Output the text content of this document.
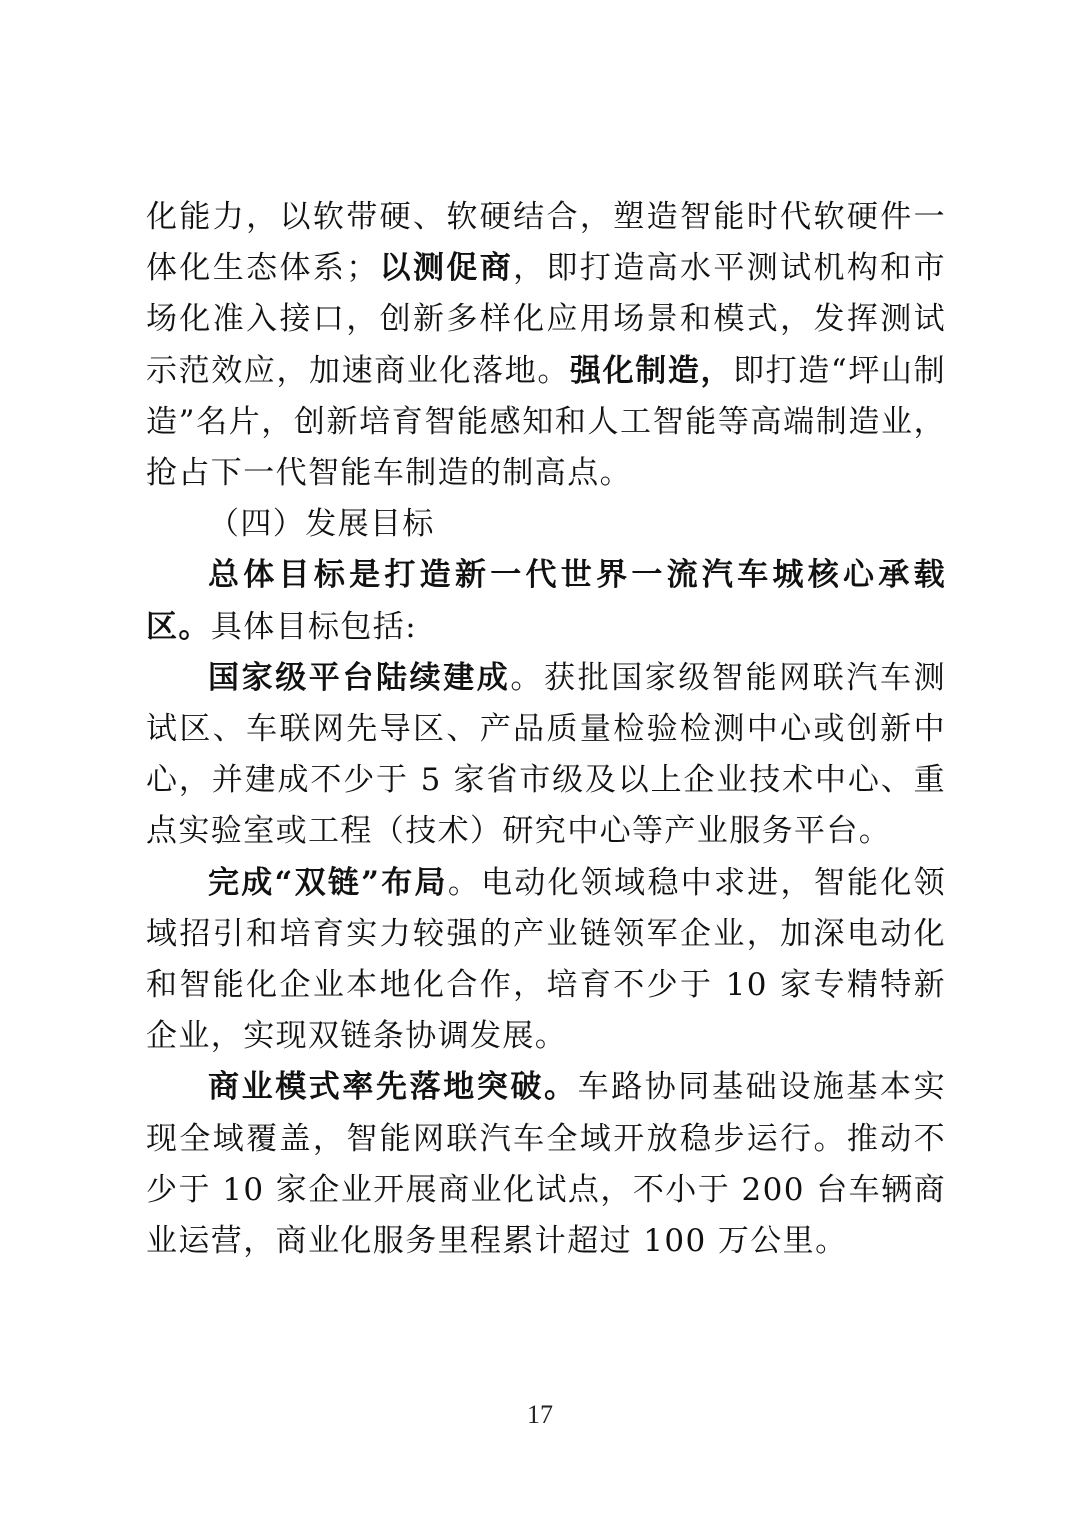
化能力，以软带硬、软硬结合，塑造智能时代软硬件一体化生态体系；以测促商，即打造高水平测试机构和市场化准入接口，创新多样化应用场景和模式，发挥测试示范效应，加速商业化落地。强化制造，即打造“坪山制造”名片，创新培育智能感知和人工智能等高端制造业，抢占下一代智能车制造的制高点。

（四）发展目标

总体目标是打造新一代世界一流汽车城核心承载区。具体目标包括:

国家级平台陆续建成。获批国家级智能网联汽车测试区、车联网先导区、产品质量检验检测中心或创新中心，并建成不少于 5 家省市级及以上企业技术中心、重点实验室或工程（技术）研究中心等产业服务平台。

完成“双链”布局。电动化领域稳中求进，智能化领域招引和培育实力较强的产业链领军企业，加深电动化和智能化企业本地化合作，培育不少于 10 家专精特新企业，实现双链条协调发展。

商业模式率先落地突破。车路协同基础设施基本实现全域覆盖，智能网联汽车全域开放稳步运行。推动不少于 10 家企业开展商业化试点，不小于 200 台车辆商业运营，商业化服务里程累计超过 100 万公里。

17
